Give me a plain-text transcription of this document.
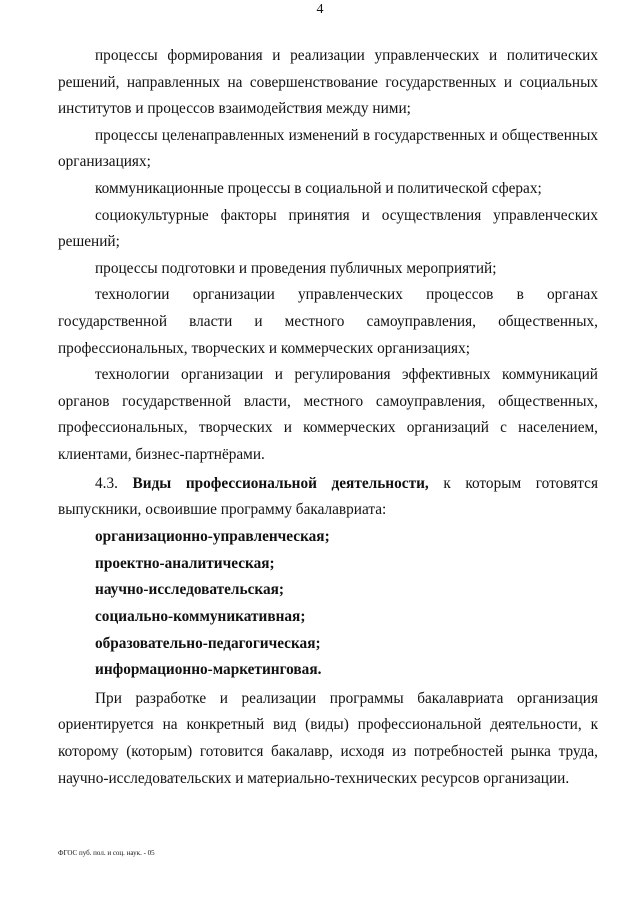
4

процессы формирования и реализации управленческих и политических решений, направленных на совершенствование государственных и социальных институтов и процессов взаимодействия между ними;

процессы целенаправленных изменений в государственных и общественных организациях;

коммуникационные процессы в социальной и политической сферах;

социокультурные факторы принятия и осуществления управленческих решений;

процессы подготовки и проведения публичных мероприятий;

технологии организации управленческих процессов в органах государственной власти и местного самоуправления, общественных, профессиональных, творческих и коммерческих организациях;

технологии организации и регулирования эффективных коммуникаций органов государственной власти, местного самоуправления, общественных, профессиональных, творческих и коммерческих организаций с населением, клиентами, бизнес-партнёрами.

4.3. Виды профессиональной деятельности, к которым готовятся выпускники, освоившие программу бакалавриата:

организационно-управленческая;

проектно-аналитическая;

научно-исследовательская;

социально-коммуникативная;

образовательно-педагогическая;

информационно-маркетинговая.

При разработке и реализации программы бакалавриата организация ориентируется на конкретный вид (виды) профессиональной деятельности, к которому (которым) готовится бакалавр, исходя из потребностей рынка труда, научно-исследовательских и материально-технических ресурсов организации.

ФГОС пуб. пол. и соц. наук. - 05
